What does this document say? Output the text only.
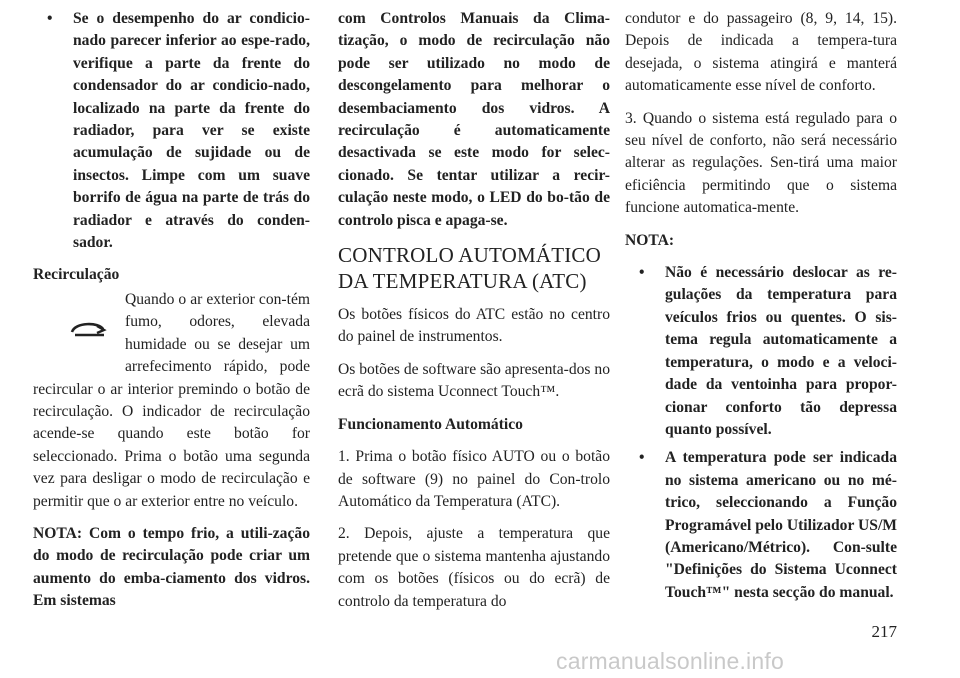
• Se o desempenho do ar condicio-nado parecer inferior ao espe-rado, verifique a parte da frente do condensador do ar condicio-nado, localizado na parte da frente do radiador, para ver se existe acumulação de sujidade ou de insectos. Limpe com um suave borrifo de água na parte de trás do radiador e através do conden-sador.

Recirculação

Quando o ar exterior con-tém fumo, odores, elevada humidade ou se desejar um arrefecimento rápido, pode recircular o ar interior premindo o botão de recirculação. O indicador de recirculação acende-se quando este botão for seleccionado. Prima o botão uma segunda vez para desligar o modo de recirculação e permitir que o ar exterior entre no veículo.

NOTA: Com o tempo frio, a utili-zação do modo de recirculação pode criar um aumento do emba-ciamento dos vidros. Em sistemas

com Controlos Manuais da Clima-tização, o modo de recirculação não pode ser utilizado no modo de descongelamento para melhorar o desembaciamento dos vidros. A recirculação é automaticamente desactivada se este modo for selec-cionado. Se tentar utilizar a recir-culação neste modo, o LED do bo-tão de controlo pisca e apaga-se.

CONTROLO AUTOMÁTICO
DA TEMPERATURA (ATC)

Os botões físicos do ATC estão no centro do painel de instrumentos.

Os botões de software são apresenta-dos no ecrã do sistema Uconnect Touch™.

Funcionamento Automático

1. Prima o botão físico AUTO ou o botão de software (9) no painel do Con-trolo Automático da Temperatura (ATC).

2. Depois, ajuste a temperatura que pretende que o sistema mantenha ajustando com os botões (físicos ou do ecrã) de controlo da temperatura do

condutor e do passageiro (8, 9, 14, 15). Depois de indicada a tempera-tura desejada, o sistema atingirá e manterá automaticamente esse nível de conforto.

3. Quando o sistema está regulado para o seu nível de conforto, não será necessário alterar as regulações. Sen-tirá uma maior eficiência permitindo que o sistema funcione automatica-mente.

NOTA:

• Não é necessário deslocar as re-gulações da temperatura para veículos frios ou quentes. O sis-tema regula automaticamente a temperatura, o modo e a veloci-dade da ventoinha para propor-cionar conforto tão depressa quanto possível.

• A temperatura pode ser indicada no sistema americano ou no mé-trico, seleccionando a Função Programável pelo Utilizador US/M (Americano/Métrico). Con-sulte "Definições do Sistema Uconnect Touch™" nesta secção do manual.

217
carmanualsonline.info
